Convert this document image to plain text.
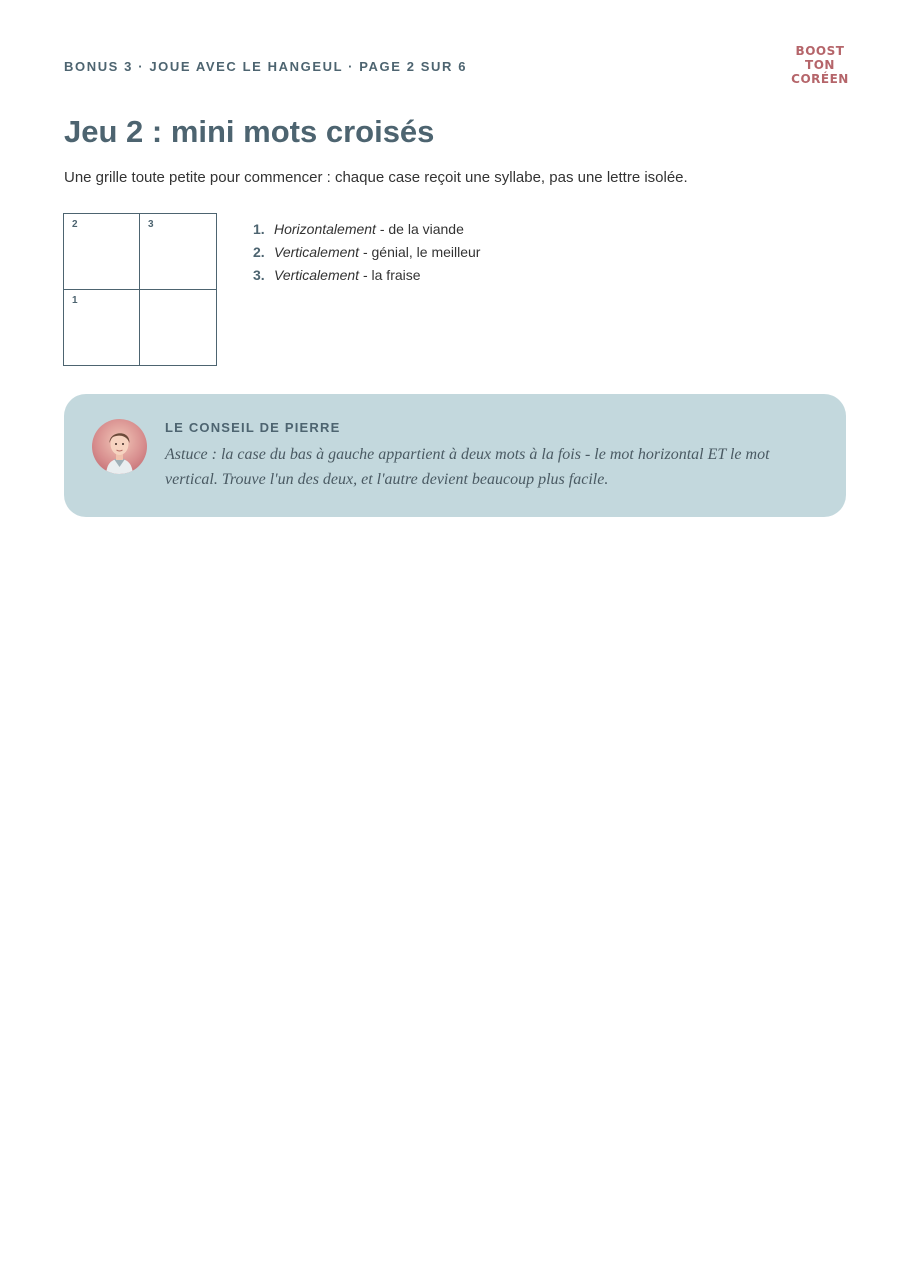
BONUS 3 · JOUE AVEC LE HANGEUL · PAGE 2 SUR 6
BOOST
TON
CORÉEN
Jeu 2 : mini mots croisés

Une grille toute petite pour commencer : chaque case reçoit une syllabe, pas une lettre isolée.

2	3
1
1. Horizontalement - de la viande
2. Verticalement - génial, le meilleur
3. Verticalement - la fraise
LE CONSEIL DE PIERRE

Astuce : la case du bas à gauche appartient à deux mots à la fois - le mot horizontal ET le mot vertical. Trouve l'un des deux, et l'autre devient beaucoup plus facile.
